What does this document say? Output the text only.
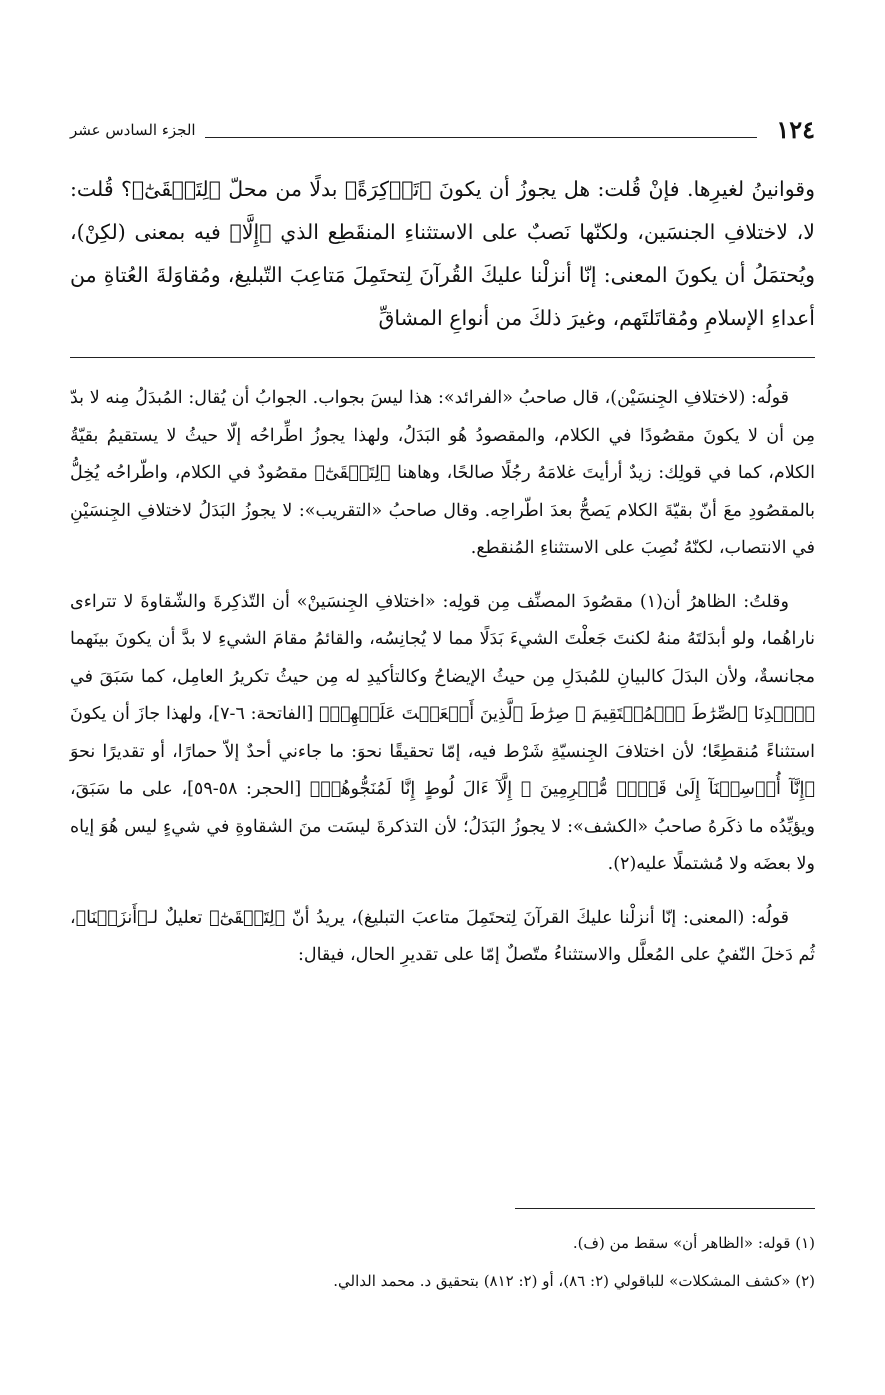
١٢٤
الجزء السادس عشر

وقوانينُ لغيرِها. فإنْ قُلت: هل يجوزُ أن يكونَ ﴿تَذۡكِرَةً﴾ بدلًا من محلّ ﴿لِتَشۡقَىٰٓ﴾؟ قُلت: لا، لاختلافِ الجنسَين، ولكنّها نَصبٌ على الاستثناءِ المنقَطِع الذي ﴿إِلَّا﴾ فيه بمعنى (لكِنْ)، ويُحتمَلُ أن يكونَ المعنى: إنّا أنزلْنا عليكَ القُرآنَ لِتحتَمِلَ مَتاعِبَ التّبليغ، ومُقاوَلةَ العُتاةِ من أعداءِ الإسلامِ ومُقاتَلتَهم، وغيرَ ذلكَ من أنواعِ المشاقِّ

قولُه: (لاختلافِ الجِنسَيْن)، قال صاحبُ «الفرائد»: هذا ليسَ بجواب. الجوابُ أن يُقال: المُبدَلُ مِنه لا بدّ مِن أن لا يكونَ مقصُودًا في الكلام، والمقصودُ هُو البَدَلُ، ولهذا يجوزُ اطِّراحُه إلّا حيثُ لا يستقيمُ بقيّةُ الكلام، كما في قولِك: زيدٌ أرأيتَ غلامَهُ رجُلًا صالحًا، وهاهنا ﴿لِتَشۡقَىٰٓ﴾ مقصُودٌ في الكلام، واطّراحُه يُخِلُّ بالمقصُودِ معَ أنّ بقيّةَ الكلام يَصحُّ بعدَ اطّراحِه. وقال صاحبُ «التقريب»: لا يجوزُ البَدَلُ لاختلافِ الجِنسَيْنِ في الانتصاب، لكنّهُ نُصِبَ على الاستثناءِ المُنقطع.

وقلتُ: الظاهرُ أن(١) مقصُودَ المصنِّف مِن قولِه: «اختلافِ الجِنسَينْ» أن التّذكِرةَ والشّقاوةَ لا تتراءى ناراهُما، ولو أبدَلتَهُ منهُ لكنتَ جَعلْتَ الشيءَ بَدَلًا مما لا يُجانِسُه، والقائمُ مقامَ الشيءِ لا بدَّ أن يكونَ بينَهما مجانسةٌ، ولأن البدَلَ كالبيانِ للمُبدَلِ مِن حيثُ الإيضاحُ وكالتأكيدِ له مِن حيثُ تكريرُ العامِل، كما سَبَقَ في ﴿ٱهۡدِنَا ٱلصِّرَٰطَ ٱلۡمُسۡتَقِيمَ ۞ صِرَٰطَ ٱلَّذِينَ أَنۡعَمۡتَ عَلَيۡهِمۡ﴾ [الفاتحة: ٦-٧]، ولهذا جازَ أن يكونَ استثناءً مُنقطِعًا؛ لأن اختلافَ الجِنسيّةِ شَرْط فيه، إمّا تحقيقًا نحوَ: ما جاءني أحدٌ إلاّ حمارًا، أو تقديرًا نحوَ ﴿إِنَّآ أُرۡسِلۡنَآ إِلَىٰ قَوۡمٖ مُّجۡرِمِينَ ۞ إِلَّآ ءَالَ لُوطٍ إِنَّا لَمُنَجُّوهُمۡ﴾ [الحجر: ٥٨-٥٩]، على ما سَبَقَ، ويؤيِّدُه ما ذكَرهُ صاحبُ «الكشف»: لا يجوزُ البَدَلُ؛ لأن التذكرةَ ليسَت منَ الشقاوةِ في شيءٍ ليس هُوَ إياه ولا بعضَه ولا مُشتملًا عليه(٢).

قولُه: (المعنى: إنّا أنزلْنا عليكَ القرآنَ لِتحتَمِلَ متاعبَ التبليغ)، يريدُ أنّ ﴿لِتَشۡقَىٰٓ﴾ تعليلٌ لـ﴿أَنزَلۡنَا﴾، ثُم دَخلَ النّفيُ على المُعلَّل والاستثناءُ متّصلٌ إمّا على تقديرِ الحال، فيقال:

(١) قوله: «الظاهر أن» سقط من (ف).

(٢) «كشف المشكلات» للباقولي (٢: ٨٦)، أو (٢: ٨١٢) بتحقيق د. محمد الدالي.
